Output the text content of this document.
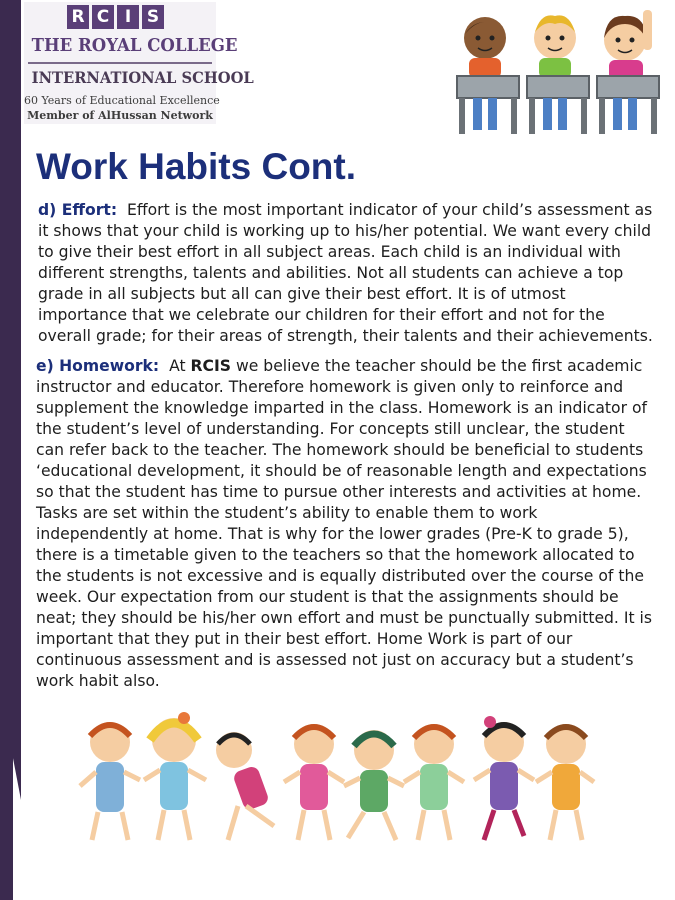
R C I S
THE ROYAL COLLEGE
INTERNATIONAL SCHOOL
60 Years of Educational Excellence
Member of AlHussan Network
Work Habits Cont.

d) Effort: Effort is the most important indicator of your child’s assessment as it shows that your child is working up to his/her potential. We want every child to give their best effort in all subject areas. Each child is an individual with different strengths, talents and abilities. Not all students can achieve a top grade in all subjects but all can give their best effort. It is of utmost importance that we celebrate our children for their effort and not for the overall grade; for their areas of strength, their talents and their achievements.

e) Homework: At RCIS we believe the teacher should be the first academic instructor and educator. Therefore homework is given only to reinforce and supplement the knowledge imparted in the class. Homework is an indicator of the student’s level of understanding. For concepts still unclear, the student can refer back to the teacher. The homework should be beneficial to students ‘educational development, it should be of reasonable length and expectations so that the student has time to pursue other interests and activities at home. Tasks are set within the student’s ability to enable them to work independently at home. That is why for the lower grades (Pre-K to grade 5), there is a timetable given to the teachers so that the homework allocated to the students is not excessive and is equally distributed over the course of the week. Our expectation from our student is that the assignments should be neat; they should be his/her own effort and must be punctually submitted. It is important that they put in their best effort. Home Work is part of our continuous assessment and is assessed not just on accuracy but a student’s work habit also.
